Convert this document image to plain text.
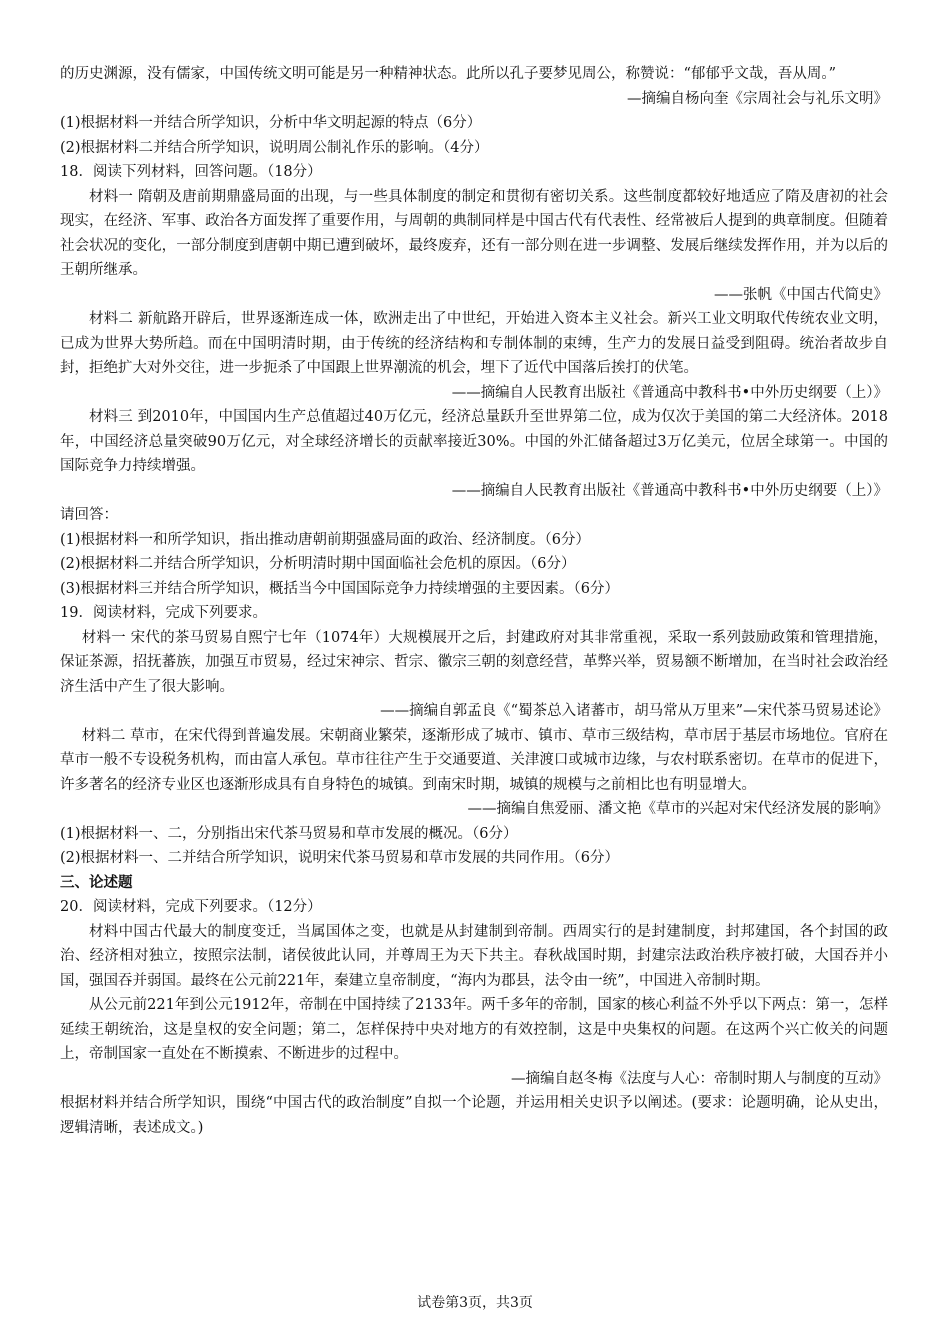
的历史渊源，没有儒家，中国传统文明可能是另一种精神状态。此所以孔子要梦见周公，称赞说：“郁郁乎文哉，吾从周。”

—摘编自杨向奎《宗周社会与礼乐文明》

(1)根据材料一并结合所学知识，分析中华文明起源的特点（6分）

(2)根据材料二并结合所学知识，说明周公制礼作乐的影响。（4分）

18．阅读下列材料，回答问题。（18分）

材料一 隋朝及唐前期鼎盛局面的出现，与一些具体制度的制定和贯彻有密切关系。这些制度都较好地适应了隋及唐初的社会现实，在经济、军事、政治各方面发挥了重要作用，与周朝的典制同样是中国古代有代表性、经常被后人提到的典章制度。但随着社会状况的变化，一部分制度到唐朝中期已遭到破坏，最终废弃，还有一部分则在进一步调整、发展后继续发挥作用，并为以后的王朝所继承。

——张帆《中国古代简史》

材料二 新航路开辟后，世界逐渐连成一体，欧洲走出了中世纪，开始进入资本主义社会。新兴工业文明取代传统农业文明，已成为世界大势所趋。而在中国明清时期，由于传统的经济结构和专制体制的束缚，生产力的发展日益受到阻碍。统治者故步自封，拒绝扩大对外交往，进一步扼杀了中国跟上世界潮流的机会，埋下了近代中国落后挨打的伏笔。

——摘编自人民教育出版社《普通高中教科书•中外历史纲要（上）》

材料三 到2010年，中国国内生产总值超过40万亿元，经济总量跃升至世界第二位，成为仅次于美国的第二大经济体。2018年，中国经济总量突破90万亿元，对全球经济增长的贡献率接近30%。中国的外汇储备超过3万亿美元，位居全球第一。中国的国际竞争力持续增强。

——摘编自人民教育出版社《普通高中教科书•中外历史纲要（上）》

请回答：

(1)根据材料一和所学知识，指出推动唐朝前期强盛局面的政治、经济制度。（6分）

(2)根据材料二并结合所学知识，分析明清时期中国面临社会危机的原因。（6分）

(3)根据材料三并结合所学知识，概括当今中国国际竞争力持续增强的主要因素。（6分）

19．阅读材料，完成下列要求。

材料一 宋代的茶马贸易自熙宁七年（1074年）大规模展开之后，封建政府对其非常重视，采取一系列鼓励政策和管理措施，保证茶源，招抚蕃族，加强互市贸易，经过宋神宗、哲宗、徽宗三朝的刻意经营，革弊兴举，贸易额不断增加，在当时社会政治经济生活中产生了很大影响。

——摘编自郭孟良《“蜀茶总入诸蕃市，胡马常从万里来”—宋代茶马贸易述论》

材料二 草市，在宋代得到普遍发展。宋朝商业繁荣，逐渐形成了城市、镇市、草市三级结构，草市居于基层市场地位。官府在草市一般不专设税务机构，而由富人承包。草市往往产生于交通要道、关津渡口或城市边缘，与农村联系密切。在草市的促进下，许多著名的经济专业区也逐渐形成具有自身特色的城镇。到南宋时期，城镇的规模与之前相比也有明显增大。

——摘编自焦爱丽、潘文艳《草市的兴起对宋代经济发展的影响》

(1)根据材料一、二，分别指出宋代茶马贸易和草市发展的概况。（6分）

(2)根据材料一、二并结合所学知识，说明宋代茶马贸易和草市发展的共同作用。（6分）

三、论述题

20．阅读材料，完成下列要求。（12分）

材料中国古代最大的制度变迁，当属国体之变，也就是从封建制到帝制。西周实行的是封建制度，封邦建国，各个封国的政治、经济相对独立，按照宗法制，诸侯彼此认同，并尊周王为天下共主。春秋战国时期，封建宗法政治秩序被打破，大国吞并小国，强国吞并弱国。最终在公元前221年，秦建立皇帝制度，“海内为郡县，法令由一统”，中国进入帝制时期。

从公元前221年到公元1912年，帝制在中国持续了2133年。两千多年的帝制，国家的核心利益不外乎以下两点：第一，怎样延续王朝统治，这是皇权的安全问题；第二，怎样保持中央对地方的有效控制，这是中央集权的问题。在这两个兴亡攸关的问题上，帝制国家一直处在不断摸索、不断进步的过程中。

—摘编自赵冬梅《法度与人心：帝制时期人与制度的互动》

根据材料并结合所学知识，围绕“中国古代的政治制度”自拟一个论题，并运用相关史识予以阐述。(要求：论题明确，论从史出，逻辑清晰，表述成文。)

试卷第3页，共3页
